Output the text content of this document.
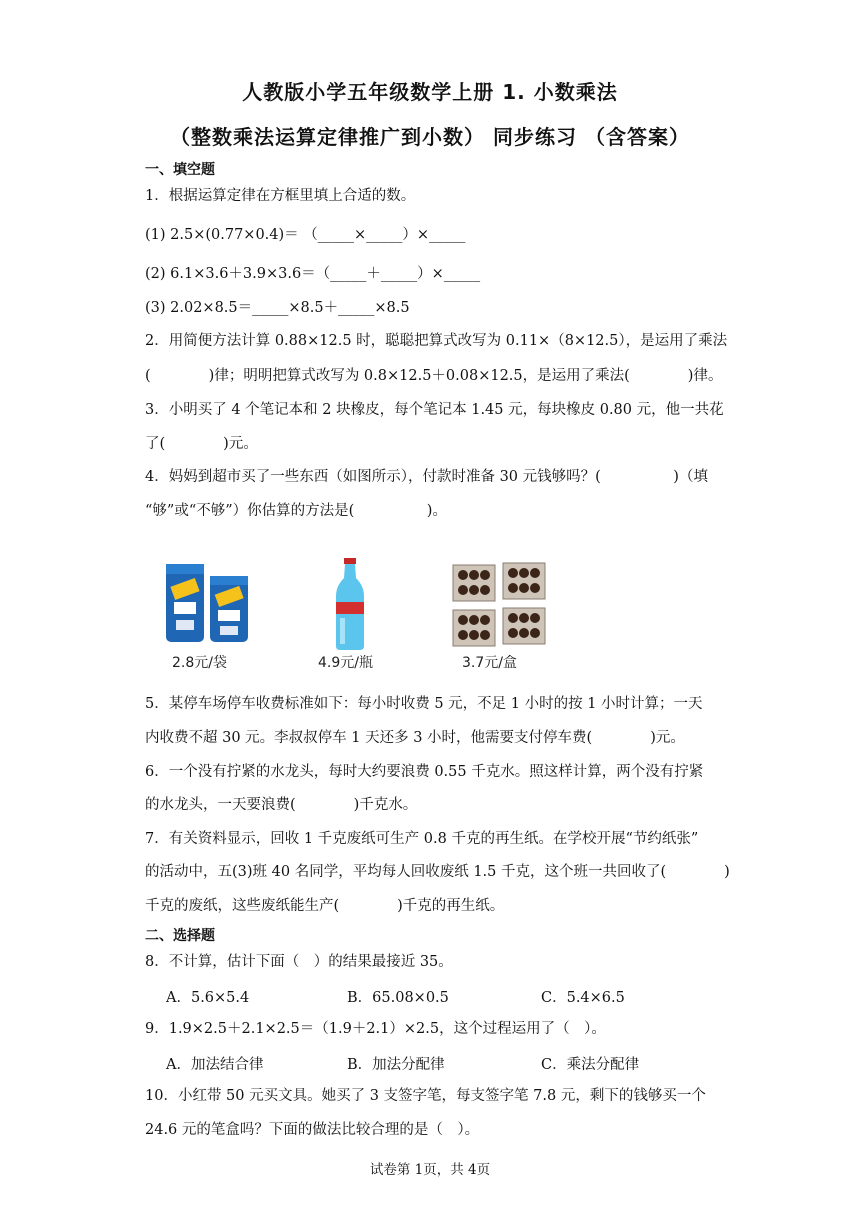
人教版小学五年级数学上册 1. 小数乘法
（整数乘法运算定律推广到小数） 同步练习 （含答案）
一、填空题
1．根据运算定律在方框里填上合适的数。
(1) 2.5×(0.77×0.4)＝ （_____×_____）×_____
(2) 6.1×3.6＋3.9×3.6＝（_____＋_____）×_____
(3) 2.02×8.5＝_____×8.5＋_____×8.5
2．用简便方法计算 0.88×12.5 时，聪聪把算式改写为 0.11×（8×12.5），是运用了乘法
(　　　　)律；明明把算式改写为 0.8×12.5＋0.08×12.5，是运用了乘法(　　　　)律。
3．小明买了 4 个笔记本和 2 块橡皮，每个笔记本 1.45 元，每块橡皮 0.80 元，他一共花
了(　　　　)元。
4．妈妈到超市买了一些东西（如图所示），付款时准备 30 元钱够吗？(　　　　　)（填
“够”或“不够”）你估算的方法是(　　　　　)。
2.8元/袋	4.9元/瓶	3.7元/盒
5．某停车场停车收费标准如下：每小时收费 5 元，不足 1 小时的按 1 小时计算；一天
内收费不超 30 元。李叔叔停车 1 天还多 3 小时，他需要支付停车费(　　　　)元。
6．一个没有拧紧的水龙头，每时大约要浪费 0.55 千克水。照这样计算，两个没有拧紧
的水龙头，一天要浪费(　　　　)千克水。
7．有关资料显示，回收 1 千克废纸可生产 0.8 千克的再生纸。在学校开展“节约纸张”
的活动中，五(3)班 40 名同学，平均每人回收废纸 1.5 千克，这个班一共回收了(　　　　)
千克的废纸，这些废纸能生产(　　　　)千克的再生纸。
二、选择题
8．不计算，估计下面（　）的结果最接近 35。
A．5.6×5.4	B．65.08×0.5	C．5.4×6.5
9．1.9×2.5＋2.1×2.5＝（1.9＋2.1）×2.5，这个过程运用了（　）。
A．加法结合律	B．加法分配律	C．乘法分配律
10．小红带 50 元买文具。她买了 3 支签字笔，每支签字笔 7.8 元，剩下的钱够买一个
24.6 元的笔盒吗？下面的做法比较合理的是（　）。
试卷第 1页，共 4页
